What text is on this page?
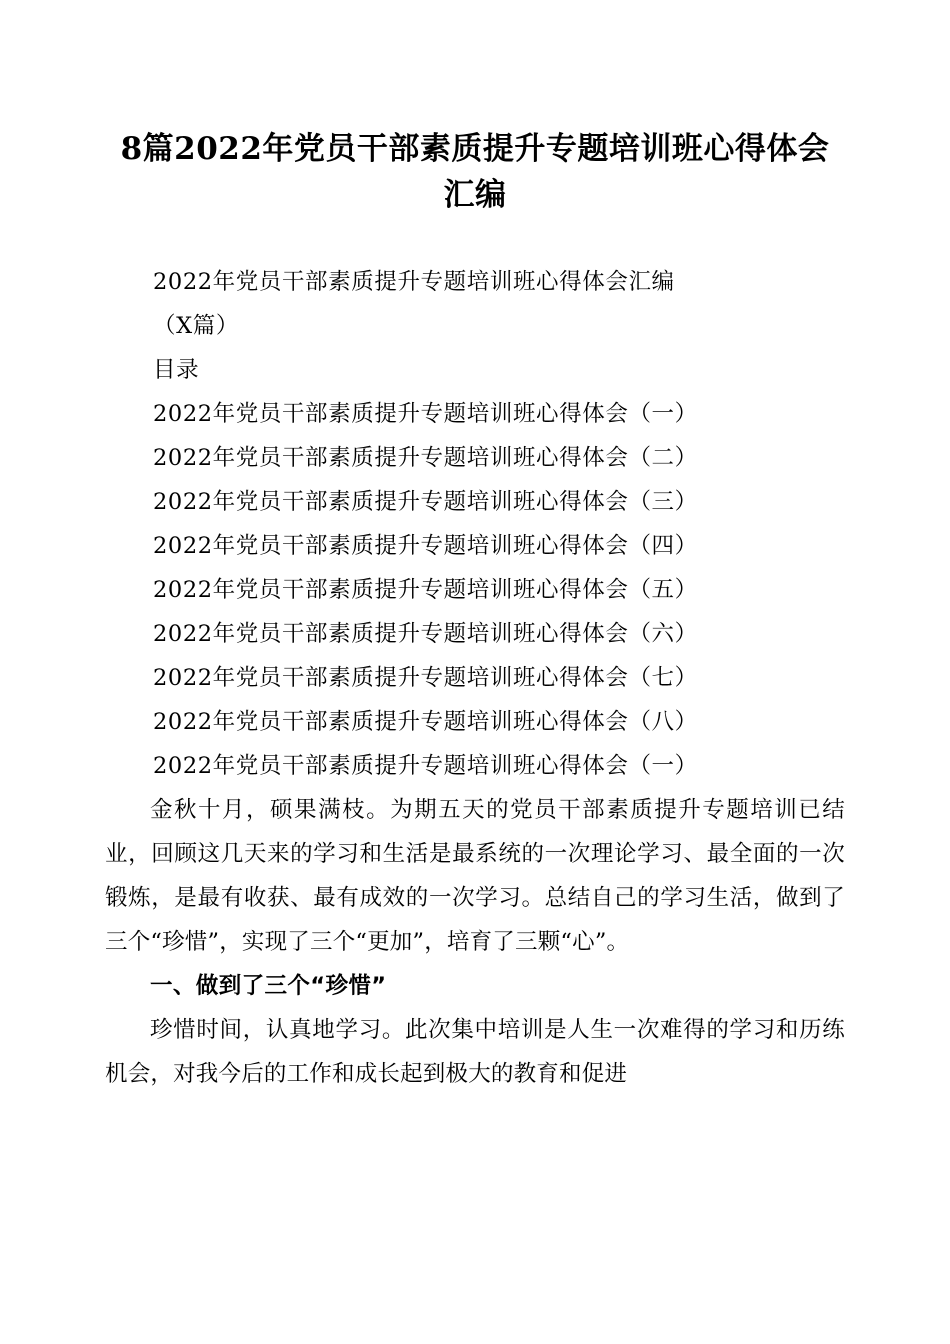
8篇2022年党员干部素质提升专题培训班心得体会汇编

2022年党员干部素质提升专题培训班心得体会汇编

（X篇）

目录

2022年党员干部素质提升专题培训班心得体会（一）
2022年党员干部素质提升专题培训班心得体会（二）
2022年党员干部素质提升专题培训班心得体会（三）
2022年党员干部素质提升专题培训班心得体会（四）
2022年党员干部素质提升专题培训班心得体会（五）
2022年党员干部素质提升专题培训班心得体会（六）
2022年党员干部素质提升专题培训班心得体会（七）
2022年党员干部素质提升专题培训班心得体会（八）

2022年党员干部素质提升专题培训班心得体会（一）

金秋十月，硕果满枝。为期五天的党员干部素质提升专题培训已结业，回顾这几天来的学习和生活是最系统的一次理论学习、最全面的一次锻炼，是最有收获、最有成效的一次学习。总结自己的学习生活，做到了三个“珍惜”，实现了三个“更加”，培育了三颗“心”。

一、做到了三个“珍惜”

珍惜时间，认真地学习。此次集中培训是人生一次难得的学习和历练机会，对我今后的工作和成长起到极大的教育和促进
